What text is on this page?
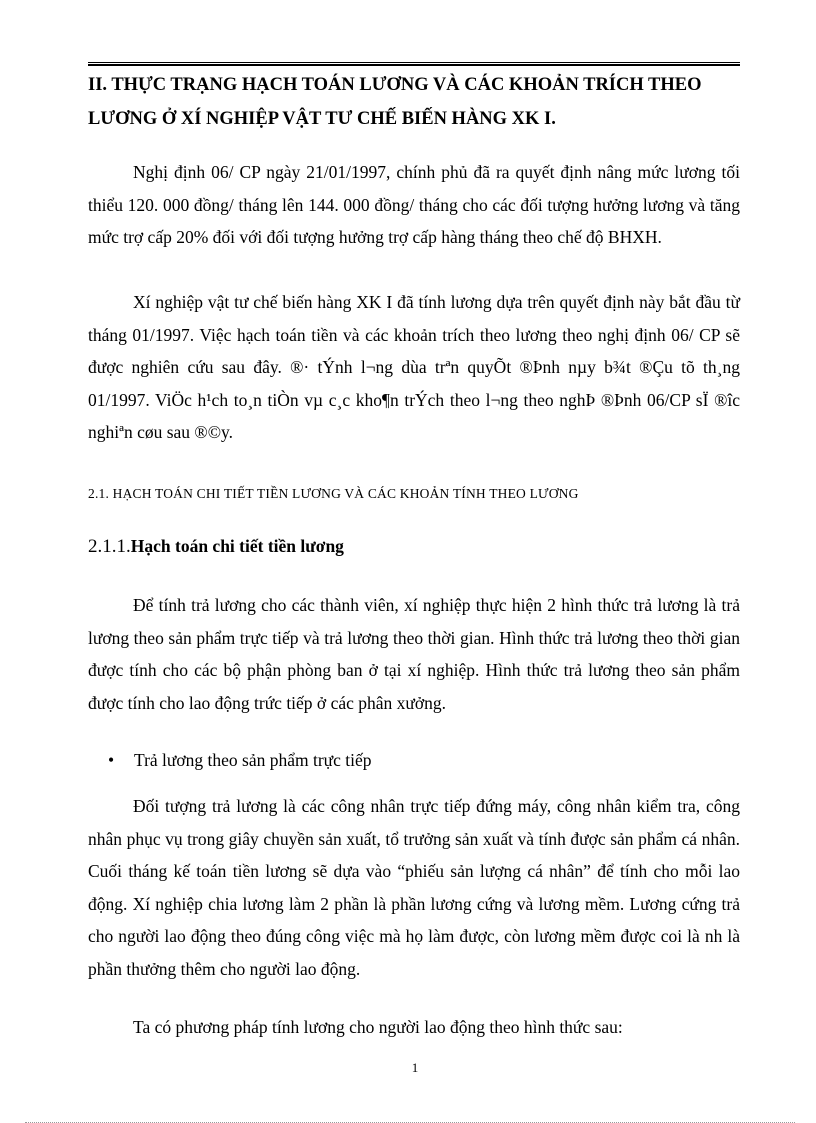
II. THỰC TRẠNG HẠCH TOÁN LƯƠNG VÀ CÁC KHOẢN TRÍCH THEO
LƯƠNG Ở XÍ NGHIỆP VẬT TƯ CHẾ BIẾN HÀNG XK I.

Nghị định 06/ CP ngày 21/01/1997, chính phủ đã ra quyết định nâng mức lương tối thiểu 120. 000 đồng/ tháng lên 144. 000 đồng/ tháng cho các đối tượng hưởng lương và tăng mức trợ cấp 20% đối với đối tượng hưởng trợ cấp hàng tháng theo chế độ BHXH.

Xí nghiệp vật tư chế biến hàng XK I đã tính lương dựa trên quyết định này bắt đầu từ tháng 01/1997. Việc hạch toán tiền và các khoản trích theo lương theo nghị định 06/ CP sẽ được nghiên cứu sau đây. ®· tÝnh l¬ng dùa trªn quyÕt ®Þnh nµy b¾t ®Çu tõ th¸ng 01/1997. ViÖc h¹ch to¸n tiÒn vµ c¸c kho¶n trÝch theo l¬ng theo nghÞ ®Þnh 06/CP sÏ ®îc nghiªn cøu sau ®©y.

2.1. HẠCH TOÁN CHI TIẾT TIỀN LƯƠNG VÀ CÁC KHOẢN TÍNH THEO LƯƠNG

2.1.1.Hạch toán chi tiết tiền lương

Để tính trả lương cho các thành viên, xí nghiệp thực hiện 2 hình thức trả lương là trả lương theo sản phẩm trực tiếp và trả lương theo thời gian. Hình thức trả lương theo thời gian được tính cho các bộ phận phòng ban ở tại xí nghiệp. Hình thức trả lương theo sản phẩm được tính cho lao động trức tiếp ở các phân xưởng.

• Trả lương theo sản phẩm trực tiếp

Đối tượng trả lương là các công nhân trực tiếp đứng máy, công nhân kiểm tra, công nhân phục vụ trong giây chuyền sản xuất, tổ trưởng sản xuất và tính được sản phẩm cá nhân. Cuối tháng kế toán tiền lương sẽ dựa vào “phiếu sản lượng cá nhân” để tính cho mỗi lao động. Xí nghiệp chia lương làm 2 phần là phần lương cứng và lương mềm. Lương cứng trả cho người lao động theo đúng công việc mà họ làm được, còn lương mềm được coi là nh là phần thưởng thêm cho người lao động.

Ta có phương pháp tính lương cho người lao động theo hình thức sau:

1
